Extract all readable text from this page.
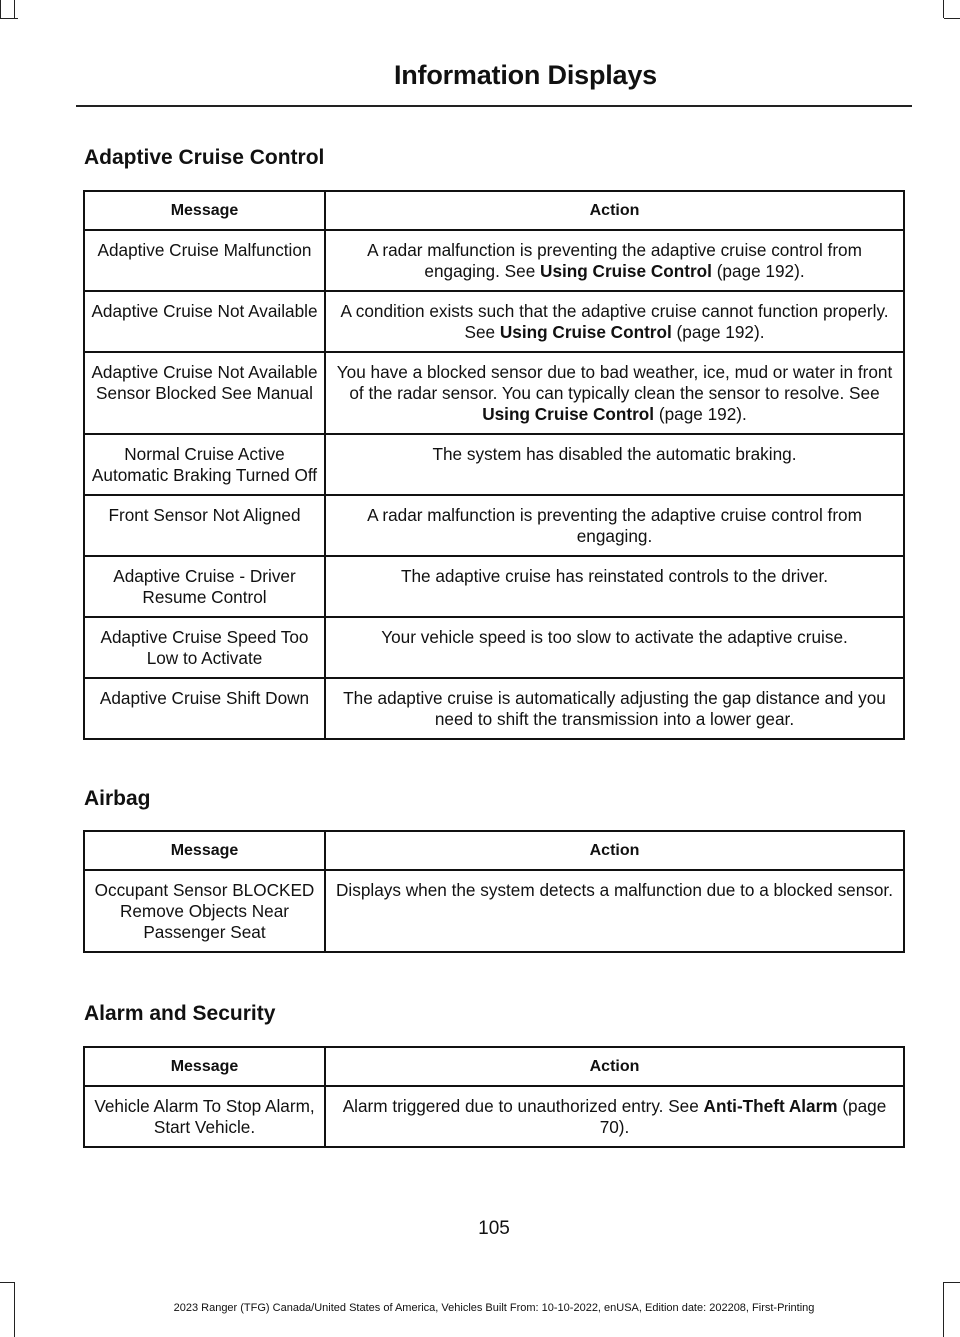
Information Displays
Adaptive Cruise Control
Message	Action
Adaptive Cruise Malfunction	A radar malfunction is preventing the adaptive cruise control from engaging. See Using Cruise Control (page 192).
Adaptive Cruise Not Available	A condition exists such that the adaptive cruise cannot function properly. See Using Cruise Control (page 192).
Adaptive Cruise Not Available Sensor Blocked See Manual	You have a blocked sensor due to bad weather, ice, mud or water in front of the radar sensor. You can typically clean the sensor to resolve. See Using Cruise Control (page 192).
Normal Cruise Active Automatic Braking Turned Off	The system has disabled the automatic braking.
Front Sensor Not Aligned	A radar malfunction is preventing the adaptive cruise control from engaging.
Adaptive Cruise - Driver Resume Control	The adaptive cruise has reinstated controls to the driver.
Adaptive Cruise Speed Too Low to Activate	Your vehicle speed is too slow to activate the adaptive cruise.
Adaptive Cruise Shift Down	The adaptive cruise is automatically adjusting the gap distance and you need to shift the transmission into a lower gear.
Airbag
Message	Action
Occupant Sensor BLOCKED Remove Objects Near Passenger Seat	Displays when the system detects a malfunction due to a blocked sensor.
Alarm and Security
Message	Action
Vehicle Alarm To Stop Alarm, Start Vehicle.	Alarm triggered due to unauthorized entry. See Anti-Theft Alarm (page 70).
105
2023 Ranger (TFG) Canada/United States of America, Vehicles Built From: 10-10-2022, enUSA, Edition date: 202208, First-Printing
